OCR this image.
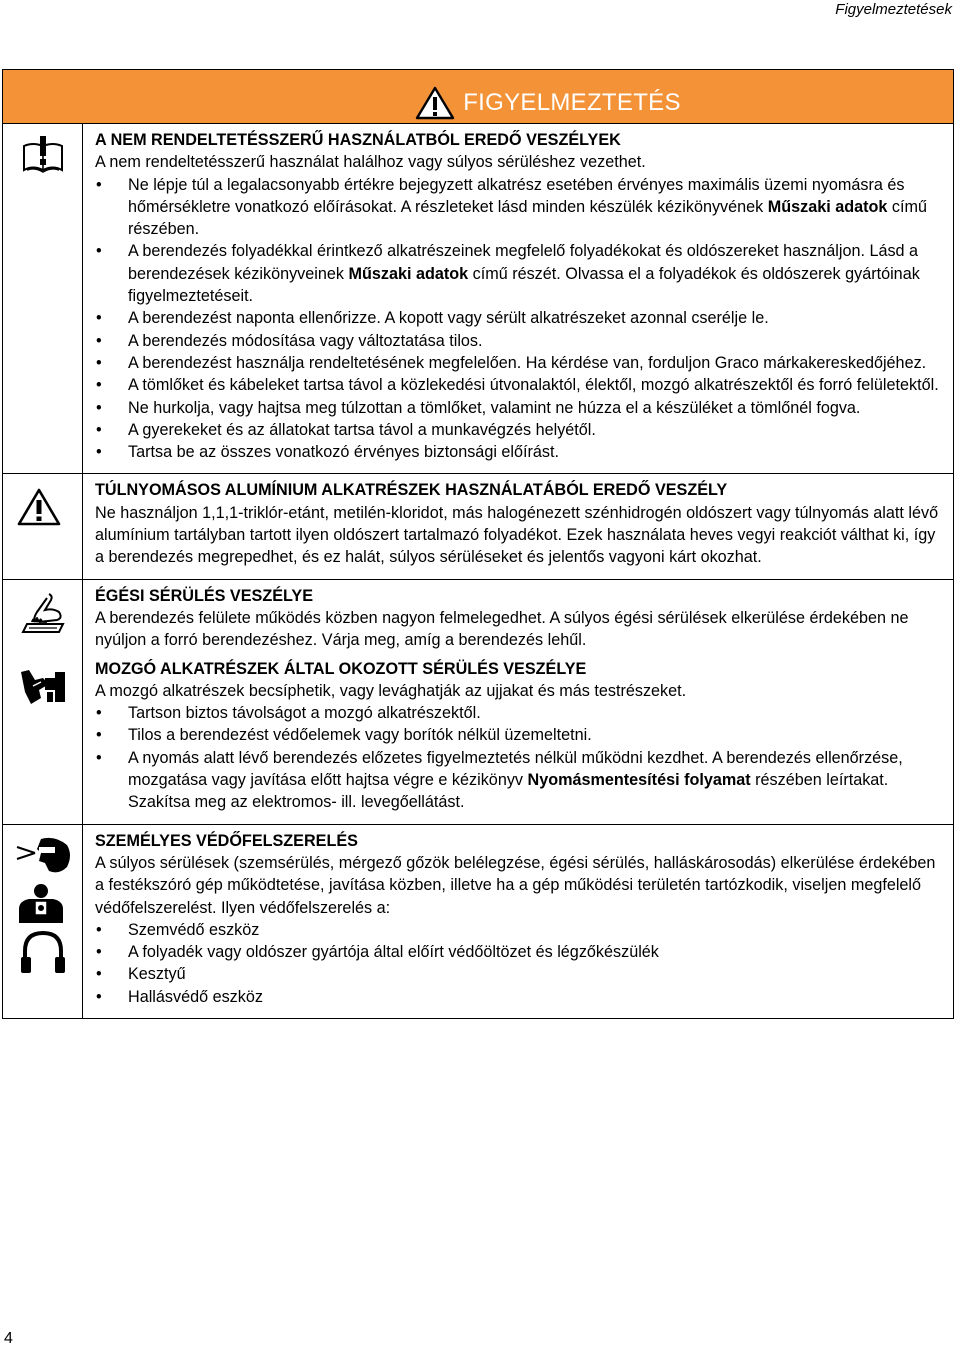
Figyelmeztetések
FIGYELMEZTETÉS
A NEM RENDELTETÉSSZERŰ HASZNÁLATBÓL EREDŐ VESZÉLYEK

A nem rendeltetésszerű használat halálhoz vagy súlyos sérüléshez vezethet.

• Ne lépje túl a legalacsonyabb értékre bejegyzett alkatrész esetében érvényes maximális üzemi nyomásra és hőmérsékletre vonatkozó előírásokat. A részleteket lásd minden készülék kézikönyvének Műszaki adatok című részében.
• A berendezés folyadékkal érintkező alkatrészeinek megfelelő folyadékokat és oldószereket használjon. Lásd a berendezések kézikönyveinek Műszaki adatok című részét. Olvassa el a folyadékok és oldószerek gyártóinak figyelmeztetéseit.
• A berendezést naponta ellenőrizze. A kopott vagy sérült alkatrészeket azonnal cserélje le.
• A berendezés módosítása vagy változtatása tilos.
• A berendezést használja rendeltetésének megfelelően. Ha kérdése van, forduljon Graco márkakereskedőjéhez.
• A tömlőket és kábeleket tartsa távol a közlekedési útvonalaktól, élektől, mozgó alkatrészektől és forró felületektől.
• Ne hurkolja, vagy hajtsa meg túlzottan a tömlőket, valamint ne húzza el a készüléket a tömlőnél fogva.
• A gyerekeket és az állatokat tartsa távol a munkavégzés helyétől.
• Tartsa be az összes vonatkozó érvényes biztonsági előírást.
TÚLNYOMÁSOS ALUMÍNIUM ALKATRÉSZEK HASZNÁLATÁBÓL EREDŐ VESZÉLY

Ne használjon 1,1,1-triklór-etánt, metilén-kloridot, más halogénezett szénhidrogén oldószert vagy túlnyomás alatt lévő alumínium tartályban tartott ilyen oldószert tartalmazó folyadékot. Ezek használata heves vegyi reakciót válthat ki, így a berendezés megrepedhet, és ez halát, súlyos sérüléseket és jelentős vagyoni kárt okozhat.

ÉGÉSI SÉRÜLÉS VESZÉLYE

A berendezés felülete működés közben nagyon felmelegedhet. A súlyos égési sérülések elkerülése érdekében ne nyúljon a forró berendezéshez. Várja meg, amíg a berendezés lehűl.

MOZGÓ ALKATRÉSZEK ÁLTAL OKOZOTT SÉRÜLÉS VESZÉLYE

A mozgó alkatrészek becsíphetik, vagy levághatják az ujjakat és más testrészeket.

• Tartson biztos távolságot a mozgó alkatrészektől.
• Tilos a berendezést védőelemek vagy borítók nélkül üzemeltetni.
• A nyomás alatt lévő berendezés előzetes figyelmeztetés nélkül működni kezdhet. A berendezés ellenőrzése, mozgatása vagy javítása előtt hajtsa végre e kézikönyv Nyomásmentesítési folyamat részében leírtakat. Szakítsa meg az elektromos- ill. levegőellátást.
SZEMÉLYES VÉDŐFELSZERELÉS

A súlyos sérülések (szemsérülés, mérgező gőzök belélegzése, égési sérülés, halláskárosodás) elkerülése érdekében a festékszóró gép működtetése, javítása közben, illetve ha a gép működési területén tartózkodik, viseljen megfelelő védőfelszerelést. Ilyen védőfelszerelés a:

• Szemvédő eszköz
• A folyadék vagy oldószer gyártója által előírt védőöltözet és légzőkészülék
• Kesztyű
• Hallásvédő eszköz
4
